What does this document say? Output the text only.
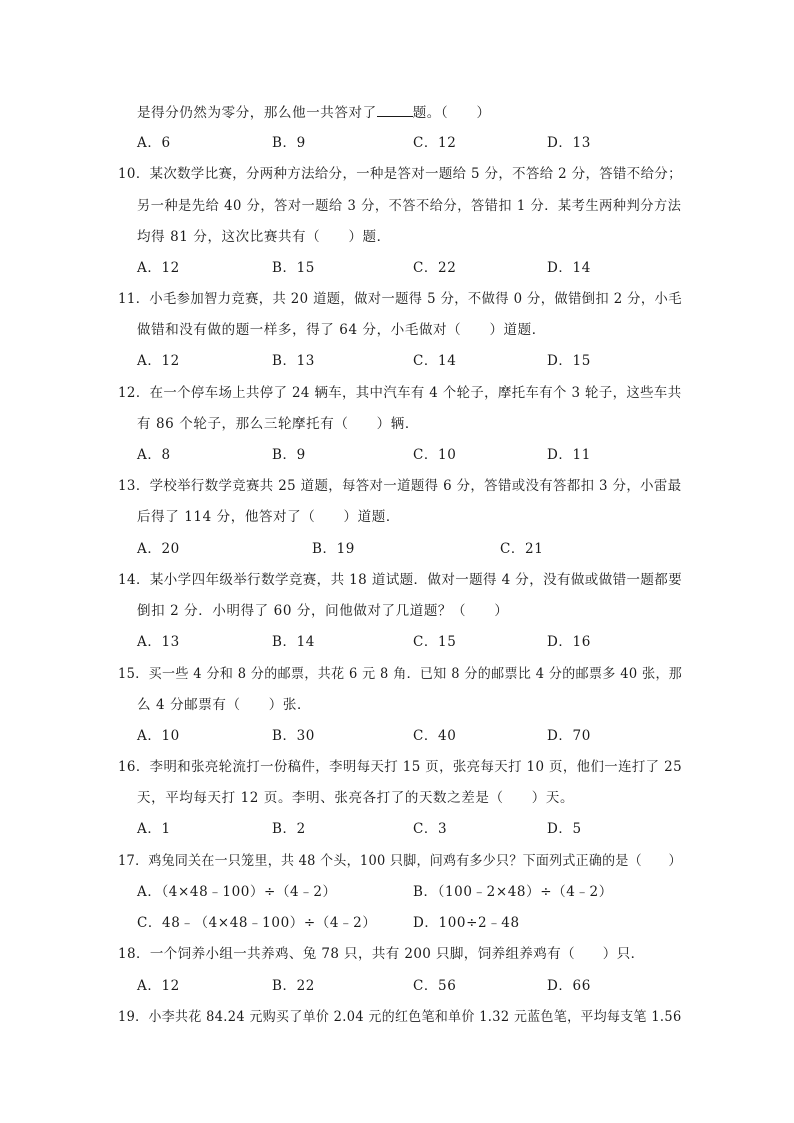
是得分仍然为零分，那么他一共答对了	题。（　　）
A．6	B．9	C．12	D．13
10．某次数学比赛，分两种方法给分，一种是答对一题给 5 分，不答给 2 分，答错不给分；
另一种是先给 40 分，答对一题给 3 分，不答不给分，答错扣 1 分．某考生两种判分方法
均得 81 分，这次比赛共有（　　）题．
A．12	B．15	C．22	D．14
11．小毛参加智力竞赛，共 20 道题，做对一题得 5 分，不做得 0 分，做错倒扣 2 分，小毛
做错和没有做的题一样多，得了 64 分，小毛做对（　　）道题．
A．12	B．13	C．14	D．15
12．在一个停车场上共停了 24 辆车，其中汽车有 4 个轮子，摩托车有个 3 轮子，这些车共
有 86 个轮子，那么三轮摩托有（　　）辆．
A．8	B．9	C．10	D．11
13．学校举行数学竞赛共 25 道题，每答对一道题得 6 分，答错或没有答都扣 3 分，小雷最
后得了 114 分，他答对了（　　）道题．
A．20	B．19	C．21
14．某小学四年级举行数学竞赛，共 18 道试题．做对一题得 4 分，没有做或做错一题都要
倒扣 2 分．小明得了 60 分，问他做对了几道题？（　　）
A．13	B．14	C．15	D．16
15．买一些 4 分和 8 分的邮票，共花 6 元 8 角．已知 8 分的邮票比 4 分的邮票多 40 张，那
么 4 分邮票有（　　）张．
A．10	B．30	C．40	D．70
16．李明和张亮轮流打一份稿件，李明每天打 15 页，张亮每天打 10 页，他们一连打了 25
天，平均每天打 12 页。李明、张亮各打了的天数之差是（　　）天。
A．1	B．2	C．3	D．5
17．鸡兔同关在一只笼里，共 48 个头，100 只脚，问鸡有多少只？下面列式正确的是（　　）
A．（4×48﹣100）÷（4﹣2）	B．（100﹣2×48）÷（4﹣2）
C．48﹣（4×48﹣100）÷（4﹣2）	D．100÷2﹣48
18．一个饲养小组一共养鸡、兔 78 只，共有 200 只脚，饲养组养鸡有（　　）只．
A．12	B．22	C．56	D．66
19．小李共花 84.24 元购买了单价 2.04 元的红色笔和单价 1.32 元蓝色笔，平均每支笔 1.56
